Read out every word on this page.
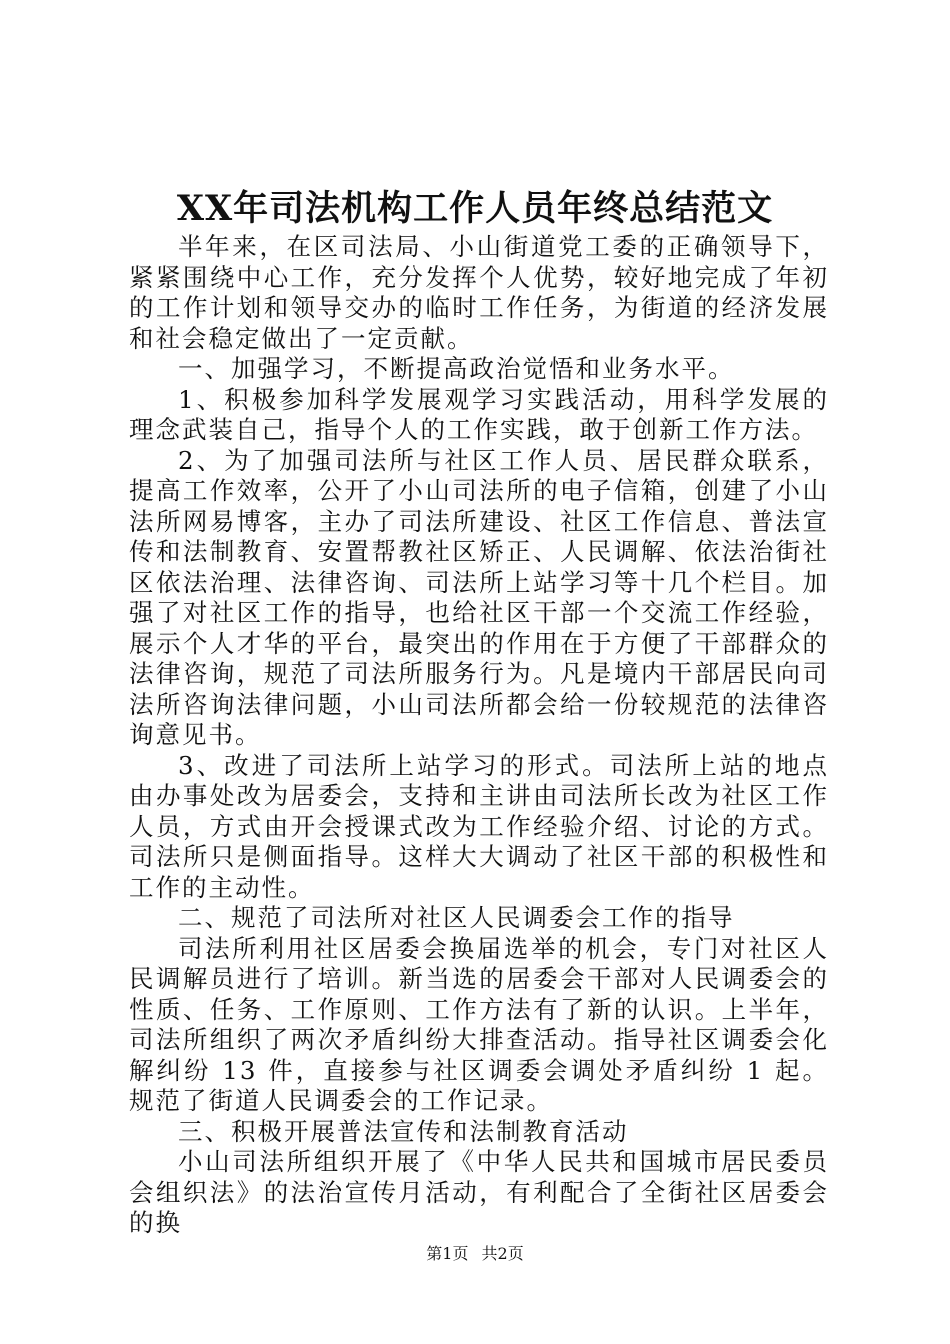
XX年司法机构工作人员年终总结范文

半年来，在区司法局、小山街道党工委的正确领导下，紧紧围绕中心工作，充分发挥个人优势，较好地完成了年初的工作计划和领导交办的临时工作任务，为街道的经济发展和社会稳定做出了一定贡献。

一、加强学习，不断提高政治觉悟和业务水平。

1、积极参加科学发展观学习实践活动，用科学发展的理念武装自己，指导个人的工作实践，敢于创新工作方法。

2、为了加强司法所与社区工作人员、居民群众联系，提高工作效率，公开了小山司法所的电子信箱，创建了小山法所网易博客，主办了司法所建设、社区工作信息、普法宣传和法制教育、安置帮教社区矫正、人民调解、依法治街社区依法治理、法律咨询、司法所上站学习等十几个栏目。加强了对社区工作的指导，也给社区干部一个交流工作经验，展示个人才华的平台，最突出的作用在于方便了干部群众的法律咨询，规范了司法所服务行为。凡是境内干部居民向司法所咨询法律问题，小山司法所都会给一份较规范的法律咨询意见书。

3、改进了司法所上站学习的形式。司法所上站的地点由办事处改为居委会，支持和主讲由司法所长改为社区工作人员，方式由开会授课式改为工作经验介绍、讨论的方式。司法所只是侧面指导。这样大大调动了社区干部的积极性和工作的主动性。

二、规范了司法所对社区人民调委会工作的指导

司法所利用社区居委会换届选举的机会，专门对社区人民调解员进行了培训。新当选的居委会干部对人民调委会的性质、任务、工作原则、工作方法有了新的认识。上半年，司法所组织了两次矛盾纠纷大排查活动。指导社区调委会化解纠纷 13 件，直接参与社区调委会调处矛盾纠纷 1 起。规范了街道人民调委会的工作记录。

三、积极开展普法宣传和法制教育活动

小山司法所组织开展了《中华人民共和国城市居民委员会组织法》的法治宣传月活动，有利配合了全街社区居委会的换

第1页 共2页
